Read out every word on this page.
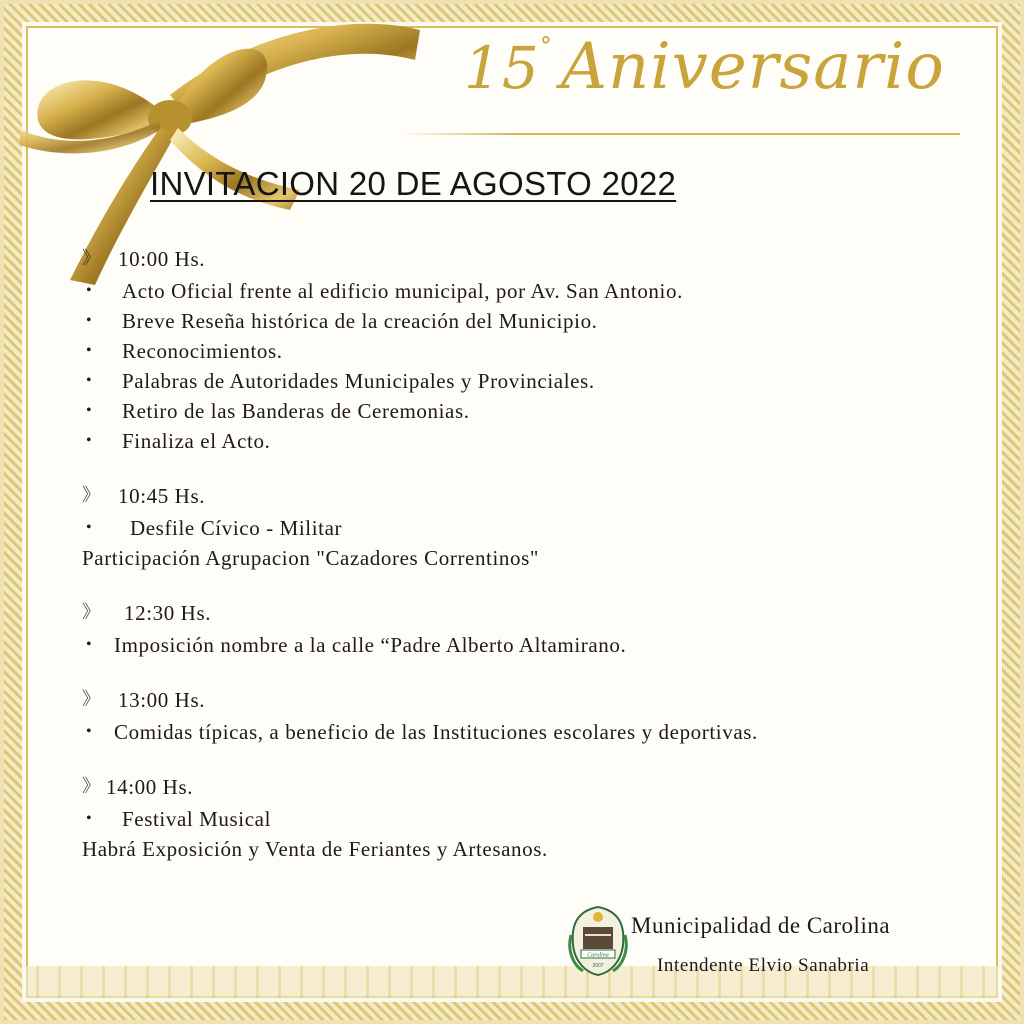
15° Aniversario
INVITACION 20 DE AGOSTO 2022
》 10:00 Hs.
•	Acto Oficial frente al edificio municipal, por Av. San Antonio.
•	Breve Reseña histórica de la creación del Municipio.
•	Reconocimientos.
•	Palabras de Autoridades Municipales y Provinciales.
•	Retiro de las Banderas de Ceremonias.
•	Finaliza el Acto.
》 10:45 Hs.
•	Desfile Cívico - Militar
Participación Agrupacion "Cazadores Correntinos"
》	12:30 Hs.
•	Imposición nombre a la calle “Padre Alberto Altamirano.
》 13:00 Hs.
•	Comidas típicas, a beneficio de las Instituciones escolares y deportivas.
》 14:00 Hs.
•	Festival Musical
Habrá Exposición y Venta de Feriantes y Artesanos.
Carolina
2007
Municipalidad de Carolina
Intendente Elvio Sanabria
